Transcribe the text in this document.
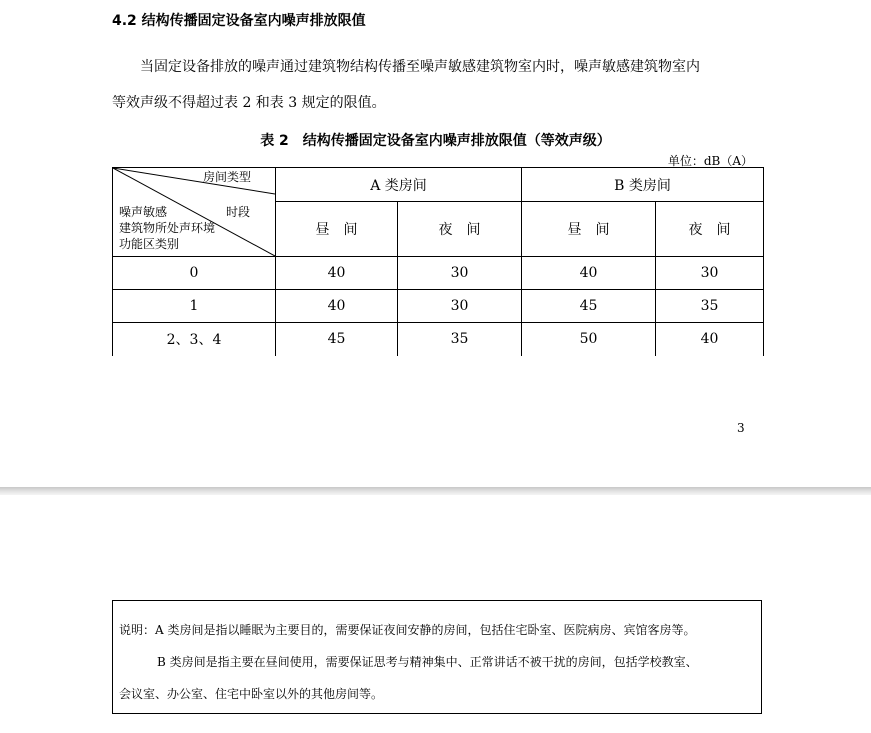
4.2 结构传播固定设备室内噪声排放限值
当固定设备排放的噪声通过建筑物结构传播至噪声敏感建筑物室内时，噪声敏感建筑物室内
等效声级不得超过表 2 和表 3 规定的限值。
表 2　结构传播固定设备室内噪声排放限值（等效声级）
单位：dB（A）
房间类型
时段
噪声敏感
建筑物所处声环境
功能区类别	A 类房间		B 类房间	
	昼　间	夜　间	昼　间	夜　间
0	40	30	40	30
1	40	30	45	35
2、3、4	45	35	50	40
3
说明：A 类房间是指以睡眠为主要目的，需要保证夜间安静的房间，包括住宅卧室、医院病房、宾馆客房等。
B 类房间是指主要在昼间使用，需要保证思考与精神集中、正常讲话不被干扰的房间，包括学校教室、
会议室、办公室、住宅中卧室以外的其他房间等。
